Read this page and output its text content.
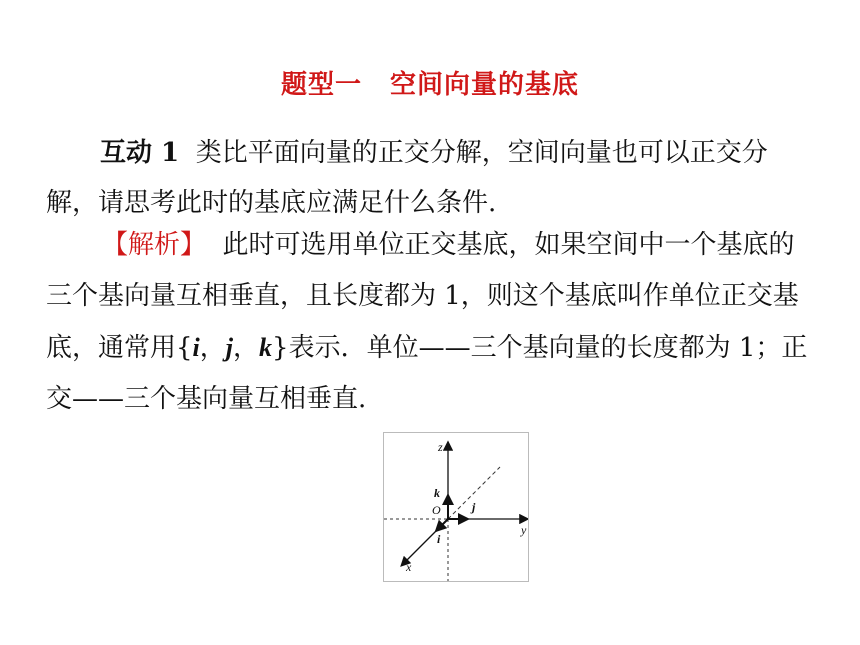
题型一 空间向量的基底
互动 1 类比平面向量的正交分解，空间向量也可以正交分
解，请思考此时的基底应满足什么条件.
【解析】 此时可选用单位正交基底，如果空间中一个基底的
三个基向量互相垂直，且长度都为 1，则这个基底叫作单位正交基
底，通常用{i，j，k}表示．单位——三个基向量的长度都为 1；正
交——三个基向量互相垂直.
z
y
x
O
k
j
i
